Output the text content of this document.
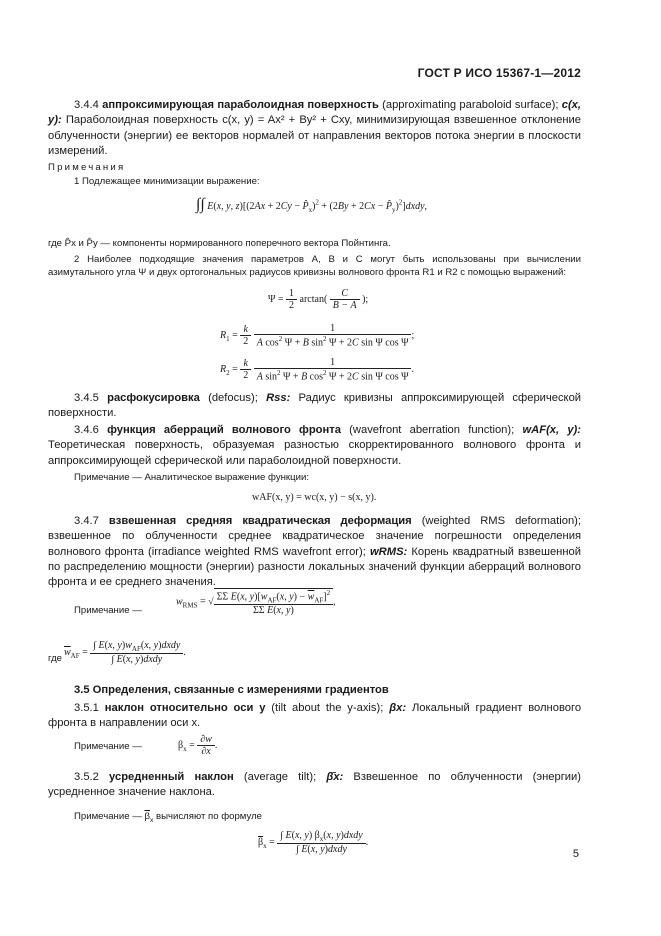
ГОСТ Р ИСО 15367-1—2012
3.4.4 аппроксимирующая параболоидная поверхность (approximating paraboloid surface); c(x, y): Параболоидная поверхность c(x, y) = Ax² + By² + Cxy, минимизирующая взвешенное отклонение облученности (энергии) ее векторов нормалей от направления векторов потока энергии в плоскости измерений.
Примечания
1 Подлежащее минимизации выражение:
∫∫ E(x, y, $z)[(2Ax + 2Cy - P̂_x)^2 + (2By + 2Cx$ − $P̂_y)^2]dxdy$,
где P̂x и P̂y — компоненты нормированного поперечного вектора Пойнтинга.
2 Наиболее подходящие значения параметров A, B и C могут быть использованы при вычислении азимутального угла Ψ и двух ортогональных радиусов кривизны волнового фронта R1 и R2 с помощью выражений:
$\Psi = \frac{1}{2} \arctan( \frac{C}{B - A}$ );
$R_1 = \frac{k}{2}$
$\frac{1}{A \cos^2 \Psi + B \sin^2 \Psi + 2C \sin \Psi \cos \Psi}$ ;
$R_2 = \frac{k}{2}$
$\frac{1}{A \sin^2 \Psi + B \cos^2 \Psi + 2C \sin \Psi \cos \Psi}$ .
3.4.5 расфокусировка (defocus); Rss: Радиус кривизны аппроксимирующей сферической поверхности.
3.4.6 функция аберраций волнового фронта (wavefront aberration function); wAF(x, y): Теоретическая поверхность, образуемая разностью скорректированного волнового фронта и аппроксимирующей сферической или параболоидной поверхности.
Примечание — Аналитическое выражение функции:
wAF(x, y) = wc(x, y) − s(x, y).
3.4.7 взвешенная средняя квадратическая деформация (weighted RMS deformation); взвешенное по облученности среднее квадратическое значение погрешности определения волнового фронта (irradiance weighted RMS wavefront error); wRMS: Корень квадратный взвешенной по распределению мощности (энергии) разности локальных значений функции аберраций волнового фронта и ее среднего значения.
Примечание —
$w_{RMS}$ = √ $\frac{\Sigma\Sigma E(x, y)[w_{AF}(x, y) - \overline{w}_{AF}]^2}{\text{ΣΣ E(x, y)}}$ ,
где
$\overline{w}_{AF} = \frac{\int E(x, y)w_{AF}(x, y)dxdy}{\text{∫ E(x, y)dxdy}}$ .
3.5 Определения, связанные с измерениями градиентов
3.5.1 наклон относительно оси y (tilt about the y-axis); βx: Локальный градиент волнового фронта в направлении оси x.
Примечание —	$\beta_x = \frac{\partial w}{\partial x}$ .
3.5.2 усредненный наклон (average tilt); β̄x: Взвешенное по облученности (энергии) усредненное значение наклона.
Примечание — $\overline{\beta}_x$ вычисляют по формуле
$\overline{\beta}_x = \frac{\int E(x, y) \beta_x(x, y)dxdy}{\text{∫ E(x, y)dxdy}}$ .
5
